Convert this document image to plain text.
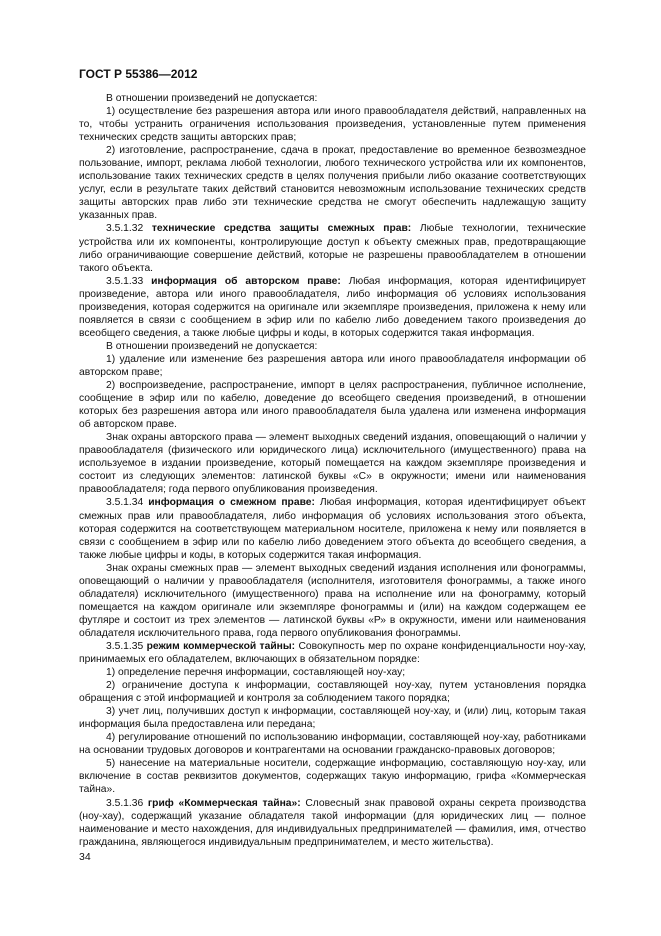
ГОСТ Р 55386—2012

В отношении произведений не допускается:

1) осуществление без разрешения автора или иного правообладателя действий, направленных на то, чтобы устранить ограничения использования произведения, установленные путем применения технических средств защиты авторских прав;

2) изготовление, распространение, сдача в прокат, предоставление во временное безвозмездное пользование, импорт, реклама любой технологии, любого технического устройства или их компонентов, использование таких технических средств в целях получения прибыли либо оказание соответствующих услуг, если в результате таких действий становится невозможным использование технических средств защиты авторских прав либо эти технические средства не смогут обеспечить надлежащую защиту указанных прав.

3.5.1.32 технические средства защиты смежных прав: Любые технологии, технические устройства или их компоненты, контролирующие доступ к объекту смежных прав, предотвращающие либо ограничивающие совершение действий, которые не разрешены правообладателем в отношении такого объекта.

3.5.1.33 информация об авторском праве: Любая информация, которая идентифицирует произведение, автора или иного правообладателя, либо информация об условиях использования произведения, которая содержится на оригинале или экземпляре произведения, приложена к нему или появляется в связи с сообщением в эфир или по кабелю либо доведением такого произведения до всеобщего сведения, а также любые цифры и коды, в которых содержится такая информация.

В отношении произведений не допускается:

1) удаление или изменение без разрешения автора или иного правообладателя информации об авторском праве;

2) воспроизведение, распространение, импорт в целях распространения, публичное исполнение, сообщение в эфир или по кабелю, доведение до всеобщего сведения произведений, в отношении которых без разрешения автора или иного правообладателя была удалена или изменена информация об авторском праве.

Знак охраны авторского права — элемент выходных сведений издания, оповещающий о наличии у правообладателя (физического или юридического лица) исключительного (имущественного) права на используемое в издании произведение, который помещается на каждом экземпляре произведения и состоит из следующих элементов: латинской буквы «С» в окружности; имени или наименования правообладателя; года первого опубликования произведения.

3.5.1.34 информация о смежном праве: Любая информация, которая идентифицирует объект смежных прав или правообладателя, либо информация об условиях использования этого объекта, которая содержится на соответствующем материальном носителе, приложена к нему или появляется в связи с сообщением в эфир или по кабелю либо доведением этого объекта до всеобщего сведения, а также любые цифры и коды, в которых содержится такая информация.

Знак охраны смежных прав — элемент выходных сведений издания исполнения или фонограммы, оповещающий о наличии у правообладателя (исполнителя, изготовителя фонограммы, а также иного обладателя) исключительного (имущественного) права на исполнение или на фонограмму, который помещается на каждом оригинале или экземпляре фонограммы и (или) на каждом содержащем ее футляре и состоит из трех элементов — латинской буквы «Р» в окружности, имени или наименования обладателя исключительного права, года первого опубликования фонограммы.

3.5.1.35 режим коммерческой тайны: Совокупность мер по охране конфиденциальности ноу-хау, принимаемых его обладателем, включающих в обязательном порядке:

1) определение перечня информации, составляющей ноу-хау;

2) ограничение доступа к информации, составляющей ноу-хау, путем установления порядка обращения с этой информацией и контроля за соблюдением такого порядка;

3) учет лиц, получивших доступ к информации, составляющей ноу-хау, и (или) лиц, которым такая информация была предоставлена или передана;

4) регулирование отношений по использованию информации, составляющей ноу-хау, работниками на основании трудовых договоров и контрагентами на основании гражданско-правовых договоров;

5) нанесение на материальные носители, содержащие информацию, составляющую ноу-хау, или включение в состав реквизитов документов, содержащих такую информацию, грифа «Коммерческая тайна».

3.5.1.36 гриф «Коммерческая тайна»: Словесный знак правовой охраны секрета производства (ноу-хау), содержащий указание обладателя такой информации (для юридических лиц — полное наименование и место нахождения, для индивидуальных предпринимателей — фамилия, имя, отчество гражданина, являющегося индивидуальным предпринимателем, и место жительства).

34
